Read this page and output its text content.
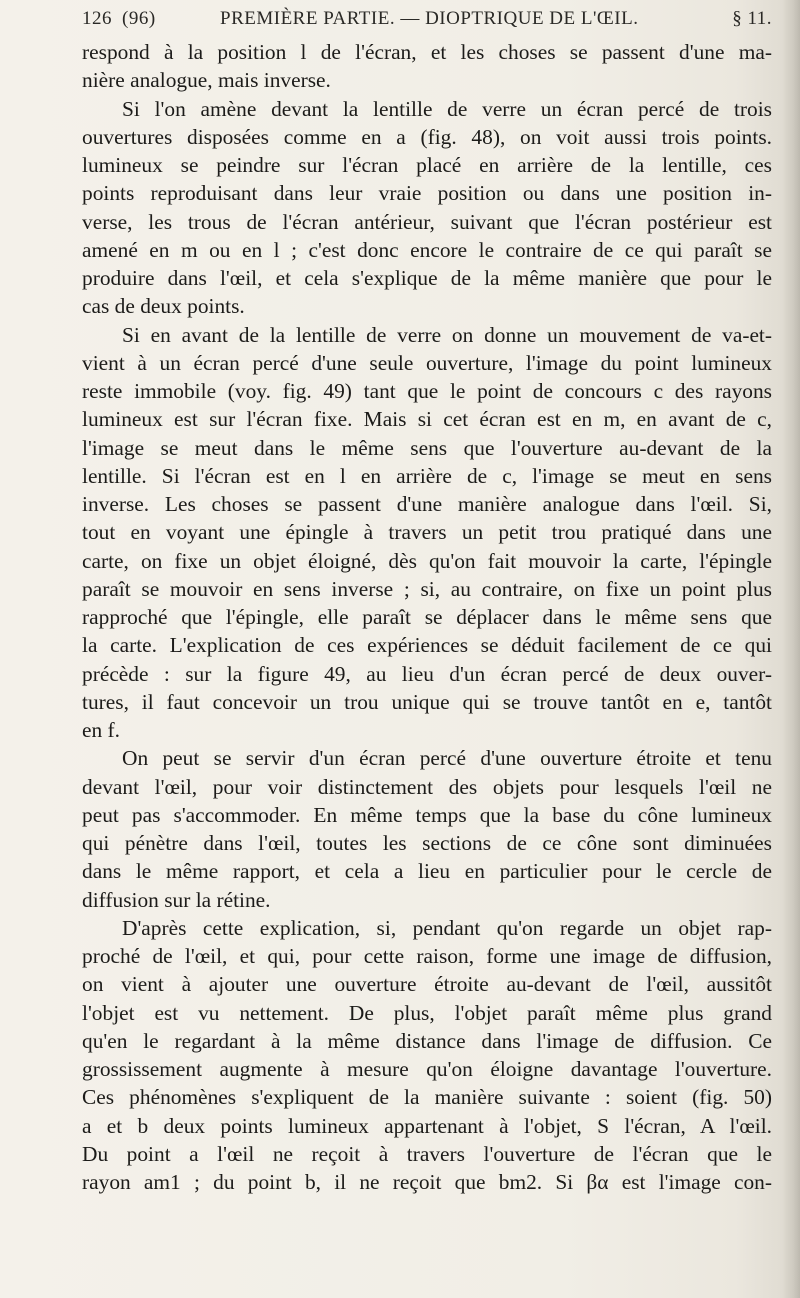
126 (96)	PREMIÈRE PARTIE. — DIOPTRIQUE DE L'ŒIL.	§ 11.
respond à la position l de l'écran, et les choses se passent d'une ma-
nière analogue, mais inverse.
Si l'on amène devant la lentille de verre un écran percé de trois
ouvertures disposées comme en a (fig. 48), on voit aussi trois points.
lumineux se peindre sur l'écran placé en arrière de la lentille, ces
points reproduisant dans leur vraie position ou dans une position in-
verse, les trous de l'écran antérieur, suivant que l'écran postérieur est
amené en m ou en l ; c'est donc encore le contraire de ce qui paraît se
produire dans l'œil, et cela s'explique de la même manière que pour le
cas de deux points.
Si en avant de la lentille de verre on donne un mouvement de va-et-
vient à un écran percé d'une seule ouverture, l'image du point lumineux
reste immobile (voy. fig. 49) tant que le point de concours c des rayons
lumineux est sur l'écran fixe. Mais si cet écran est en m, en avant de c,
l'image se meut dans le même sens que l'ouverture au-devant de la
lentille. Si l'écran est en l en arrière de c, l'image se meut en sens
inverse. Les choses se passent d'une manière analogue dans l'œil. Si,
tout en voyant une épingle à travers un petit trou pratiqué dans une
carte, on fixe un objet éloigné, dès qu'on fait mouvoir la carte, l'épingle
paraît se mouvoir en sens inverse ; si, au contraire, on fixe un point plus
rapproché que l'épingle, elle paraît se déplacer dans le même sens que
la carte. L'explication de ces expériences se déduit facilement de ce qui
précède : sur la figure 49, au lieu d'un écran percé de deux ouver-
tures, il faut concevoir un trou unique qui se trouve tantôt en e, tantôt
en f.
On peut se servir d'un écran percé d'une ouverture étroite et tenu
devant l'œil, pour voir distinctement des objets pour lesquels l'œil ne
peut pas s'accommoder. En même temps que la base du cône lumineux
qui pénètre dans l'œil, toutes les sections de ce cône sont diminuées
dans le même rapport, et cela a lieu en particulier pour le cercle de
diffusion sur la rétine.
D'après cette explication, si, pendant qu'on regarde un objet rap-
proché de l'œil, et qui, pour cette raison, forme une image de diffusion,
on vient à ajouter une ouverture étroite au-devant de l'œil, aussitôt
l'objet est vu nettement. De plus, l'objet paraît même plus grand
qu'en le regardant à la même distance dans l'image de diffusion. Ce
grossissement augmente à mesure qu'on éloigne davantage l'ouverture.
Ces phénomènes s'expliquent de la manière suivante : soient (fig. 50)
a et b deux points lumineux appartenant à l'objet, S l'écran, A l'œil.
Du point a l'œil ne reçoit à travers l'ouverture de l'écran que le
rayon am1 ; du point b, il ne reçoit que bm2. Si βα est l'image con-
